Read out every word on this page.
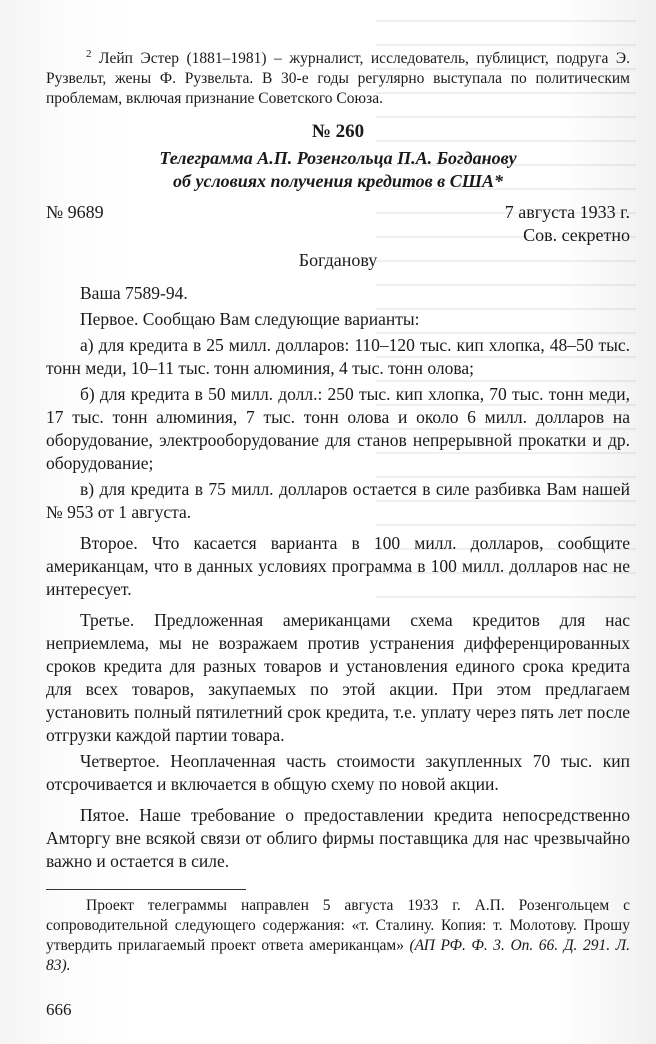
$^2$ Лейп Эстер (1881–1981) – журналист, исследователь, публицист, подруга Э. Рузвельт, жены Ф. Рузвельта. В 30-е годы регулярно выступала по политическим проблемам, включая признание Советского Союза.

№ 260
Телеграмма А.П. Розенгольца П.А. Богданову
об условиях получения кредитов в США*
№ 9689	7 августа 1933 г.
Сов. секретно
Богданову

Ваша 7589-94.

Первое. Сообщаю Вам следующие варианты:

а) для кредита в 25 милл. долларов: 110–120 тыс. кип хлопка, 48–50 тыс. тонн меди, 10–11 тыс. тонн алюминия, 4 тыс. тонн олова;

б) для кредита в 50 милл. долл.: 250 тыс. кип хлопка, 70 тыс. тонн меди, 17 тыс. тонн алюминия, 7 тыс. тонн олова и около 6 милл. долларов на оборудование, электрооборудование для станов непрерывной прокатки и др. оборудование;

в) для кредита в 75 милл. долларов остается в силе разбивка Вам нашей № 953 от 1 августа.

Второе. Что касается варианта в 100 милл. долларов, сообщите американцам, что в данных условиях программа в 100 милл. долларов нас не интересует.

Третье. Предложенная американцами схема кредитов для нас неприемлема, мы не возражаем против устранения дифференцированных сроков кредита для разных товаров и установления единого срока кредита для всех товаров, закупаемых по этой акции. При этом предлагаем установить полный пятилетний срок кредита, т.е. уплату через пять лет после отгрузки каждой партии товара.

Четвертое. Неоплаченная часть стоимости закупленных 70 тыс. кип отсрочивается и включается в общую схему по новой акции.

Пятое. Наше требование о предоставлении кредита непосредственно Амторгу вне всякой связи от облиго фирмы поставщика для нас чрезвычайно важно и остается в силе.

Проект телеграммы направлен 5 августа 1933 г. А.П. Розенгольцем с сопроводительной следующего содержания: «т. Сталину. Копия: т. Молотову. Прошу утвердить прилагаемый проект ответа американцам» (АП РФ. Ф. 3. Оп. 66. Д. 291. Л. 83).

666
